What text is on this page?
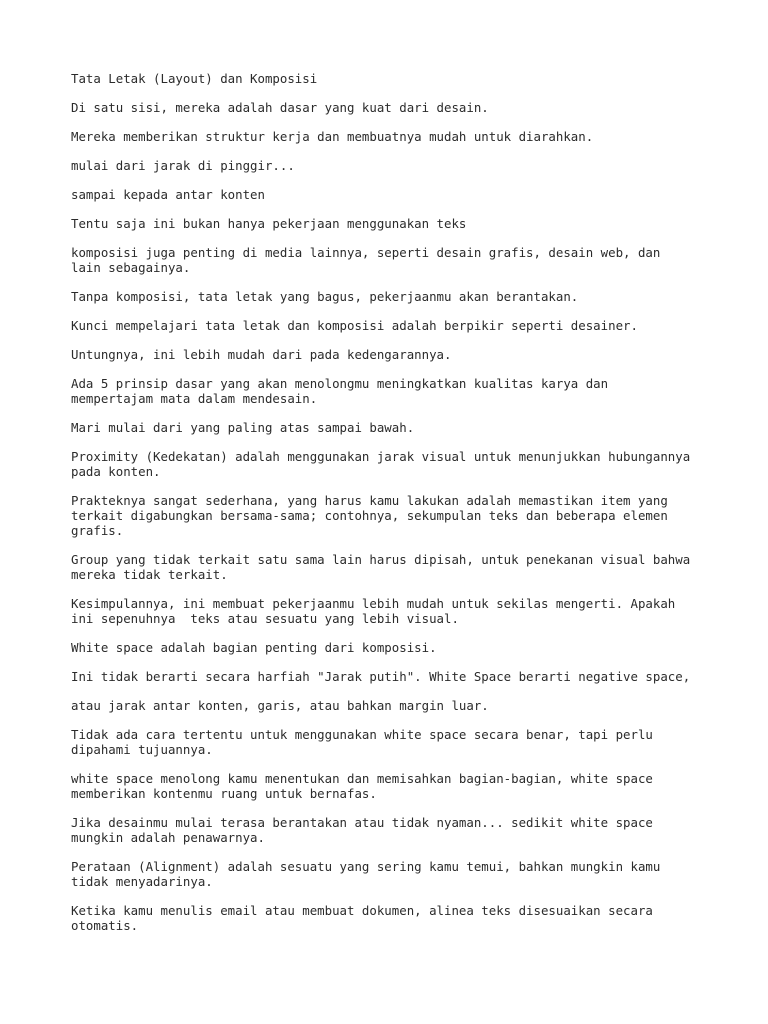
Tata Letak (Layout) dan Komposisi

Di satu sisi, mereka adalah dasar yang kuat dari desain.

Mereka memberikan struktur kerja dan membuatnya mudah untuk diarahkan.

mulai dari jarak di pinggir...

sampai kepada antar konten

Tentu saja ini bukan hanya pekerjaan menggunakan teks

komposisi juga penting di media lainnya, seperti desain grafis, desain web, dan
lain sebagainya.

Tanpa komposisi, tata letak yang bagus, pekerjaanmu akan berantakan.

Kunci mempelajari tata letak dan komposisi adalah berpikir seperti desainer.

Untungnya, ini lebih mudah dari pada kedengarannya.

Ada 5 prinsip dasar yang akan menolongmu meningkatkan kualitas karya dan
mempertajam mata dalam mendesain.

Mari mulai dari yang paling atas sampai bawah.

Proximity (Kedekatan) adalah menggunakan jarak visual untuk menunjukkan hubungannya
pada konten.

Prakteknya sangat sederhana, yang harus kamu lakukan adalah memastikan item yang
terkait digabungkan bersama-sama; contohnya, sekumpulan teks dan beberapa elemen
grafis.

Group yang tidak terkait satu sama lain harus dipisah, untuk penekanan visual bahwa
mereka tidak terkait.

Kesimpulannya, ini membuat pekerjaanmu lebih mudah untuk sekilas mengerti. Apakah
ini sepenuhnya  teks atau sesuatu yang lebih visual.

White space adalah bagian penting dari komposisi.

Ini tidak berarti secara harfiah "Jarak putih". White Space berarti negative space,

atau jarak antar konten, garis, atau bahkan margin luar.

Tidak ada cara tertentu untuk menggunakan white space secara benar, tapi perlu
dipahami tujuannya.

white space menolong kamu menentukan dan memisahkan bagian-bagian, white space
memberikan kontenmu ruang untuk bernafas.

Jika desainmu mulai terasa berantakan atau tidak nyaman... sedikit white space
mungkin adalah penawarnya.

Perataan (Alignment) adalah sesuatu yang sering kamu temui, bahkan mungkin kamu
tidak menyadarinya.

Ketika kamu menulis email atau membuat dokumen, alinea teks disesuaikan secara
otomatis.
